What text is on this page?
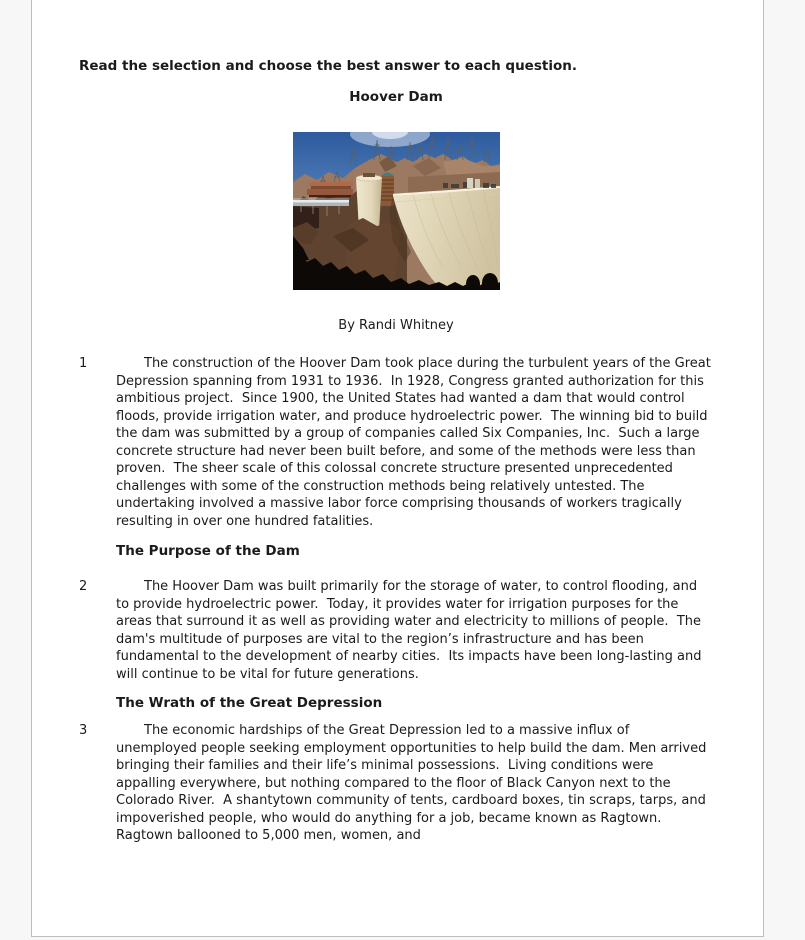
Read the selection and choose the best answer to each question.

Hoover Dam

By Randi Whitney

1	The construction of the Hoover Dam took place during the turbulent years of the Great Depression spanning from 1931 to 1936.  In 1928, Congress granted authorization for this ambitious project.  Since 1900, the United States had wanted a dam that would control floods, provide irrigation water, and produce hydroelectric power.  The winning bid to build the dam was submitted by a group of companies called Six Companies, Inc.  Such a large concrete structure had never been built before, and some of the methods were less than proven.  The sheer scale of this colossal concrete structure presented unprecedented challenges with some of the construction methods being relatively untested. The undertaking involved a massive labor force comprising thousands of workers tragically resulting in over one hundred fatalities.
The Purpose of the Dam
2	The Hoover Dam was built primarily for the storage of water, to control flooding, and to provide hydroelectric power.  Today, it provides water for irrigation purposes for the areas that surround it as well as providing water and electricity to millions of people.  The dam's multitude of purposes are vital to the region’s infrastructure and has been fundamental to the development of nearby cities.  Its impacts have been long-lasting and will continue to be vital for future generations.
The Wrath of the Great Depression
3	The economic hardships of the Great Depression led to a massive influx of unemployed people seeking employment opportunities to help build the dam. Men arrived bringing their families and their life’s minimal possessions.  Living conditions were appalling everywhere, but nothing compared to the floor of Black Canyon next to the Colorado River.  A shantytown community of tents, cardboard boxes, tin scraps, tarps, and impoverished people, who would do anything for a job, became known as Ragtown.  Ragtown ballooned to 5,000 men, women, and
